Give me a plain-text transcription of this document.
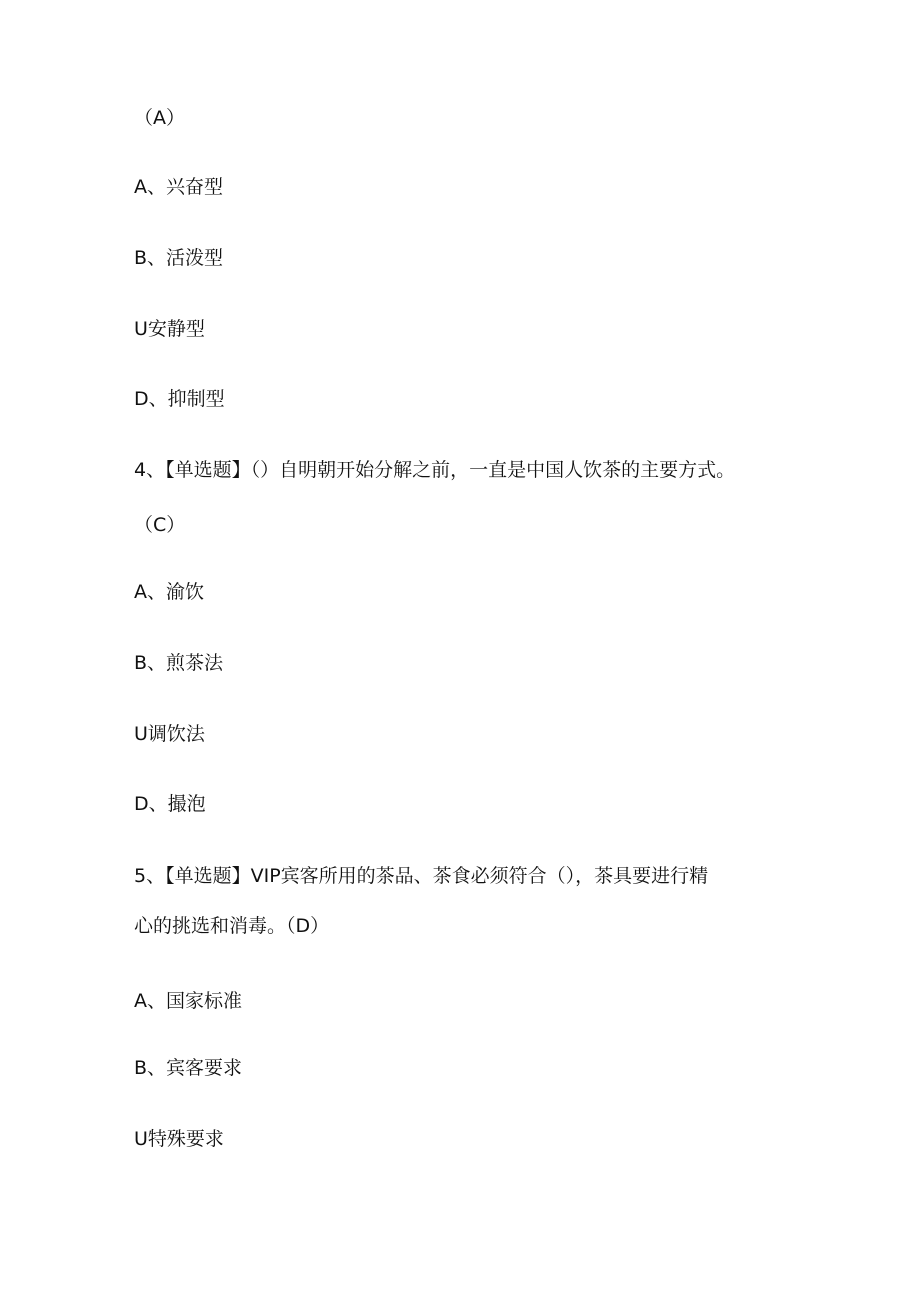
（A）

A、兴奋型

B、活泼型

U安静型

D、抑制型

4、【单选题】（）自明朝开始分解之前，一直是中国人饮茶的主要方式。

（C）

A、渝饮

B、煎茶法

U调饮法

D、撮泡

5、【单选题】VIP宾客所用的茶品、茶食必须符合（），茶具要进行精

心的挑选和消毒。（D）

A、国家标准

B、宾客要求

U特殊要求
